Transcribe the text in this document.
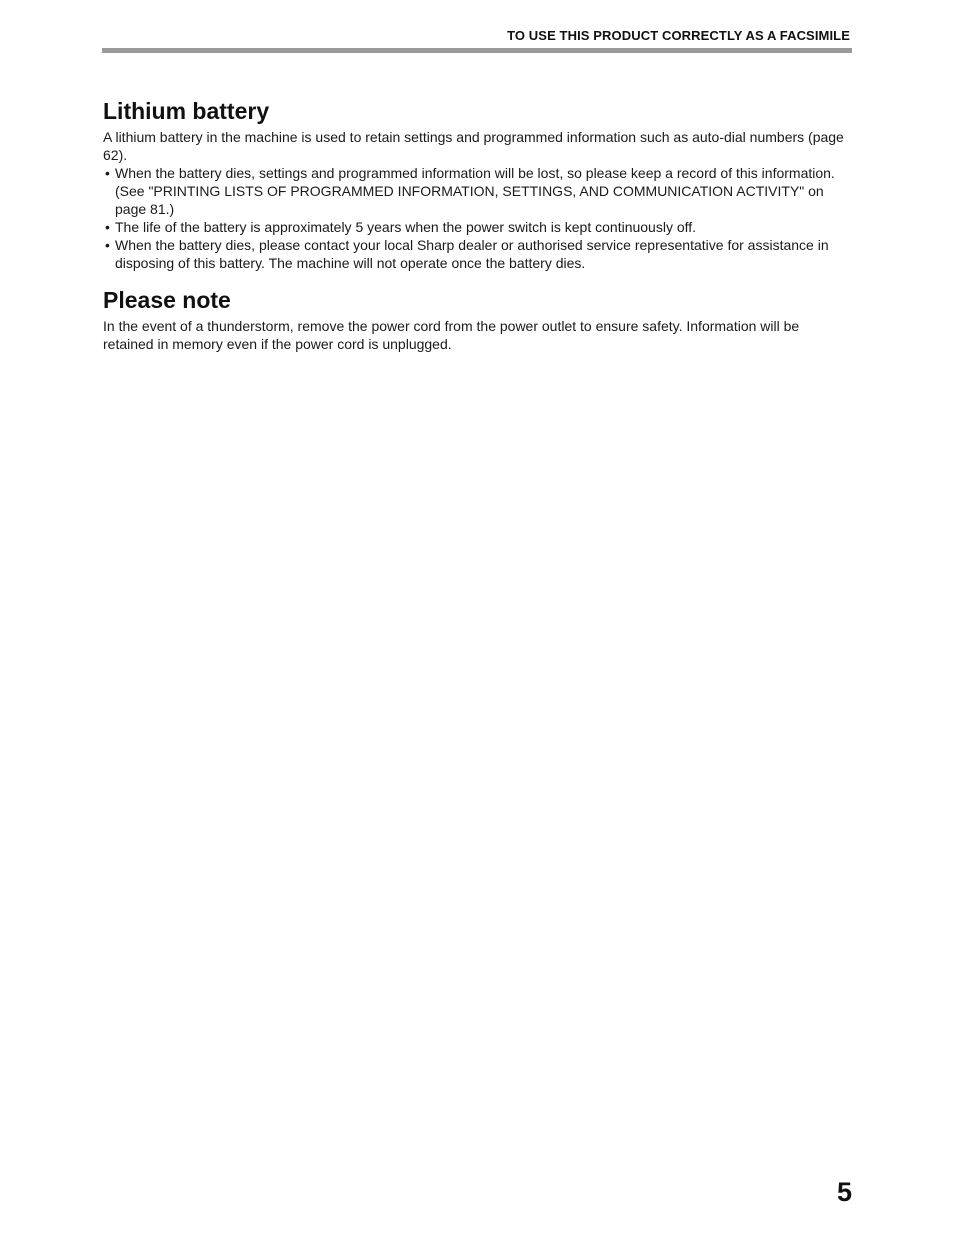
TO USE THIS PRODUCT CORRECTLY AS A FACSIMILE
Lithium battery

A lithium battery in the machine is used to retain settings and programmed information such as auto-dial numbers (page 62).

• When the battery dies, settings and programmed information will be lost, so please keep a record of this information. (See "PRINTING LISTS OF PROGRAMMED INFORMATION, SETTINGS, AND COMMUNICATION ACTIVITY" on page 81.)
• The life of the battery is approximately 5 years when the power switch is kept continuously off.
• When the battery dies, please contact your local Sharp dealer or authorised service representative for assistance in disposing of this battery. The machine will not operate once the battery dies.
Please note

In the event of a thunderstorm, remove the power cord from the power outlet to ensure safety. Information will be retained in memory even if the power cord is unplugged.

5
